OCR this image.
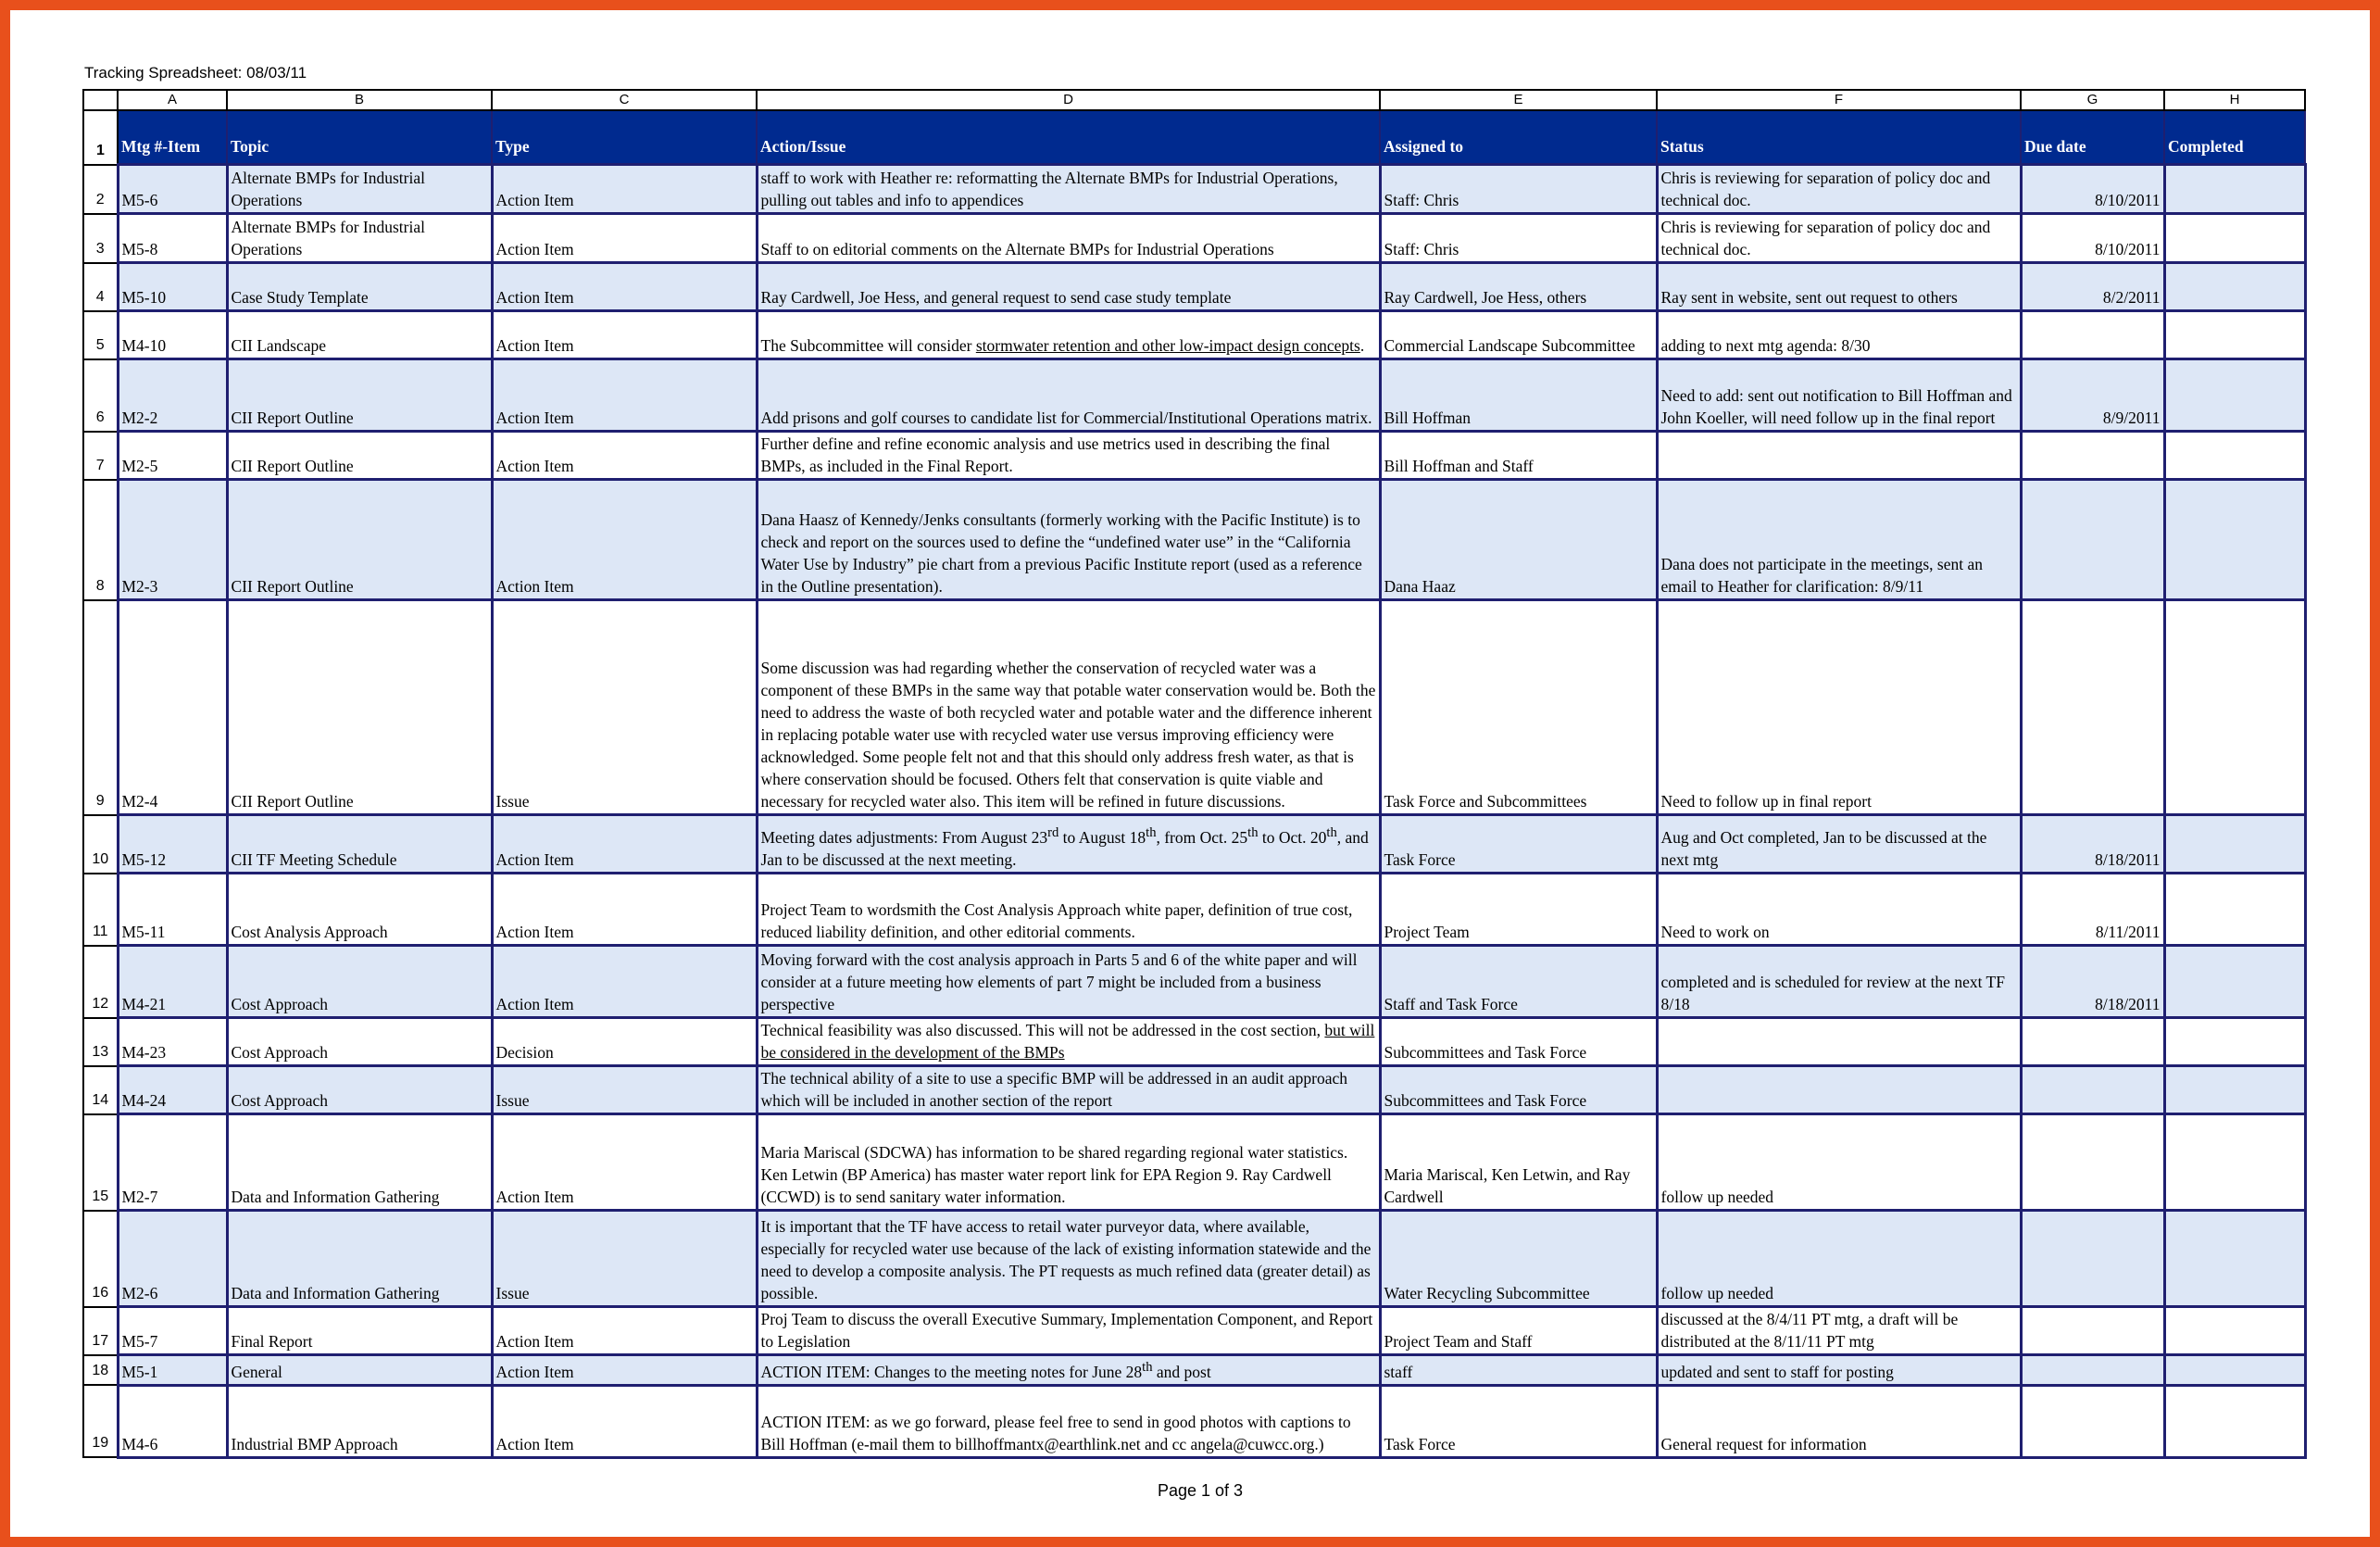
Tracking Spreadsheet: 08/03/11
	A	B	C	D	E	F	G	H
1	Mtg #-Item	Topic	Type	Action/Issue	Assigned to	Status	Due date	Completed
2	M5-6	Alternate BMPs for Industrial Operations	Action Item	staff to work with Heather re: reformatting the Alternate BMPs for Industrial Operations, pulling out tables and info to appendices	Staff: Chris	Chris is reviewing for separation of policy doc and technical doc.	8/10/2011	
3	M5-8	Alternate BMPs for Industrial Operations	Action Item	Staff to on editorial comments on the Alternate BMPs for Industrial Operations	Staff: Chris	Chris is reviewing for separation of policy doc and technical doc.	8/10/2011	
4	M5-10	Case Study Template	Action Item	Ray Cardwell, Joe Hess, and general request to send case study template	Ray Cardwell, Joe Hess, others	Ray sent in website, sent out request to others	8/2/2011	
5	M4-10	CII Landscape	Action Item	The Subcommittee will consider stormwater retention and other low-impact design concepts.	Commercial Landscape Subcommittee	adding to next mtg agenda: 8/30		
6	M2-2	CII Report Outline	Action Item	Add prisons and golf courses to candidate list for Commercial/Institutional Operations matrix.	Bill Hoffman	Need to add: sent out notification to Bill Hoffman and John Koeller, will need follow up in the final report	8/9/2011	
7	M2-5	CII Report Outline	Action Item	Further define and refine economic analysis and use metrics used in describing the final BMPs, as included in the Final Report.	Bill Hoffman and Staff			
8	M2-3	CII Report Outline	Action Item	Dana Haasz of Kennedy/Jenks consultants (formerly working with the Pacific Institute) is to check and report on the sources used to define the “undefined water use” in the “California Water Use by Industry” pie chart from a previous Pacific Institute report (used as a reference in the Outline presentation).	Dana Haaz	Dana does not participate in the meetings, sent an email to Heather for clarification: 8/9/11		
9	M2-4	CII Report Outline	Issue	Some discussion was had regarding whether the conservation of recycled water was a component of these BMPs in the same way that potable water conservation would be. Both the need to address the waste of both recycled water and potable water and the difference inherent in replacing potable water use with recycled water use versus improving efficiency were acknowledged. Some people felt not and that this should only address fresh water, as that is where conservation should be focused. Others felt that conservation is quite viable and necessary for recycled water also. This item will be refined in future discussions.	Task Force and Subcommittees	Need to follow up in final report		
10	M5-12	CII TF Meeting Schedule	Action Item	Meeting dates adjustments: From August 23rd to August 18th, from Oct. 25th to Oct. 20th, and Jan to be discussed at the next meeting.	Task Force	Aug and Oct completed, Jan to be discussed at the next mtg	8/18/2011	
11	M5-11	Cost Analysis Approach	Action Item	Project Team to wordsmith the Cost Analysis Approach white paper, definition of true cost, reduced liability definition, and other editorial comments.	Project Team	Need to work on	8/11/2011	
12	M4-21	Cost Approach	Action Item	Moving forward with the cost analysis approach in Parts 5 and 6 of the white paper and will consider at a future meeting how elements of part 7 might be included from a business perspective	Staff and Task Force	completed and is scheduled for review at the next TF 8/18	8/18/2011	
13	M4-23	Cost Approach	Decision	Technical feasibility was also discussed. This will not be addressed in the cost section, but will be considered in the development of the BMPs	Subcommittees and Task Force			
14	M4-24	Cost Approach	Issue	The technical ability of a site to use a specific BMP will be addressed in an audit approach which will be included in another section of the report	Subcommittees and Task Force			
15	M2-7	Data and Information Gathering	Action Item	Maria Mariscal (SDCWA) has information to be shared regarding regional water statistics. Ken Letwin (BP America) has master water report link for EPA Region 9. Ray Cardwell (CCWD) is to send sanitary water information.	Maria Mariscal, Ken Letwin, and Ray Cardwell	follow up needed		
16	M2-6	Data and Information Gathering	Issue	It is important that the TF have access to retail water purveyor data, where available, especially for recycled water use because of the lack of existing information statewide and the need to develop a composite analysis. The PT requests as much refined data (greater detail) as possible.	Water Recycling Subcommittee	follow up needed		
17	M5-7	Final Report	Action Item	Proj Team to discuss the overall Executive Summary, Implementation Component, and Report to Legislation	Project Team and Staff	discussed at the 8/4/11 PT mtg, a draft will be distributed at the 8/11/11 PT mtg		
18	M5-1	General	Action Item	ACTION ITEM: Changes to the meeting notes for June 28th and post	staff	updated and sent to staff for posting		
19	M4-6	Industrial BMP Approach	Action Item	ACTION ITEM: as we go forward, please feel free to send in good photos with captions to Bill Hoffman (e-mail them to billhoffmantx@earthlink.net and cc angela@cuwcc.org.)	Task Force	General request for information		
Page 1 of 3
